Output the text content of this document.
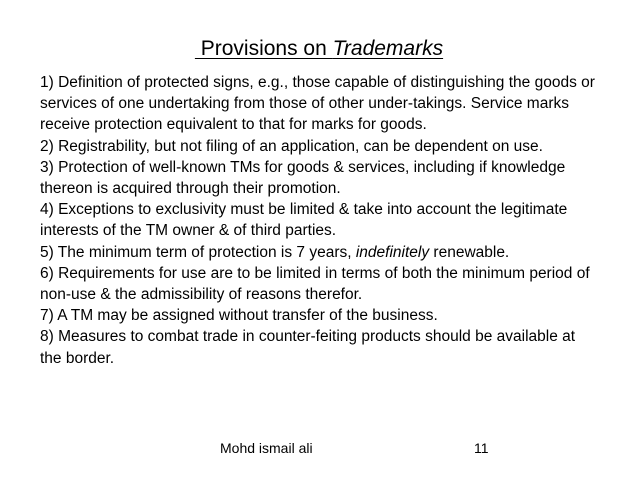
Provisions on Trademarks

1) Definition of protected signs, e.g., those capable of distinguishing the goods or services of one undertaking from those of other under-takings. Service marks receive protection equivalent to that for marks for goods.

2) Registrability, but not filing of an application, can be dependent on use.

3) Protection of well-known TMs for goods & services, including if knowledge thereon is acquired through their promotion.

4) Exceptions to exclusivity must be limited & take into account the legitimate interests of the TM owner & of third parties.

5) The minimum term of protection is 7 years, indefinitely renewable.

6) Requirements for use are to be limited in terms of both the minimum period of non-use & the admissibility of reasons therefor.

7) A TM may be assigned without transfer of the business.

8) Measures to combat trade in counter-feiting products should be available at the border.

Mohd ismail ali	11
